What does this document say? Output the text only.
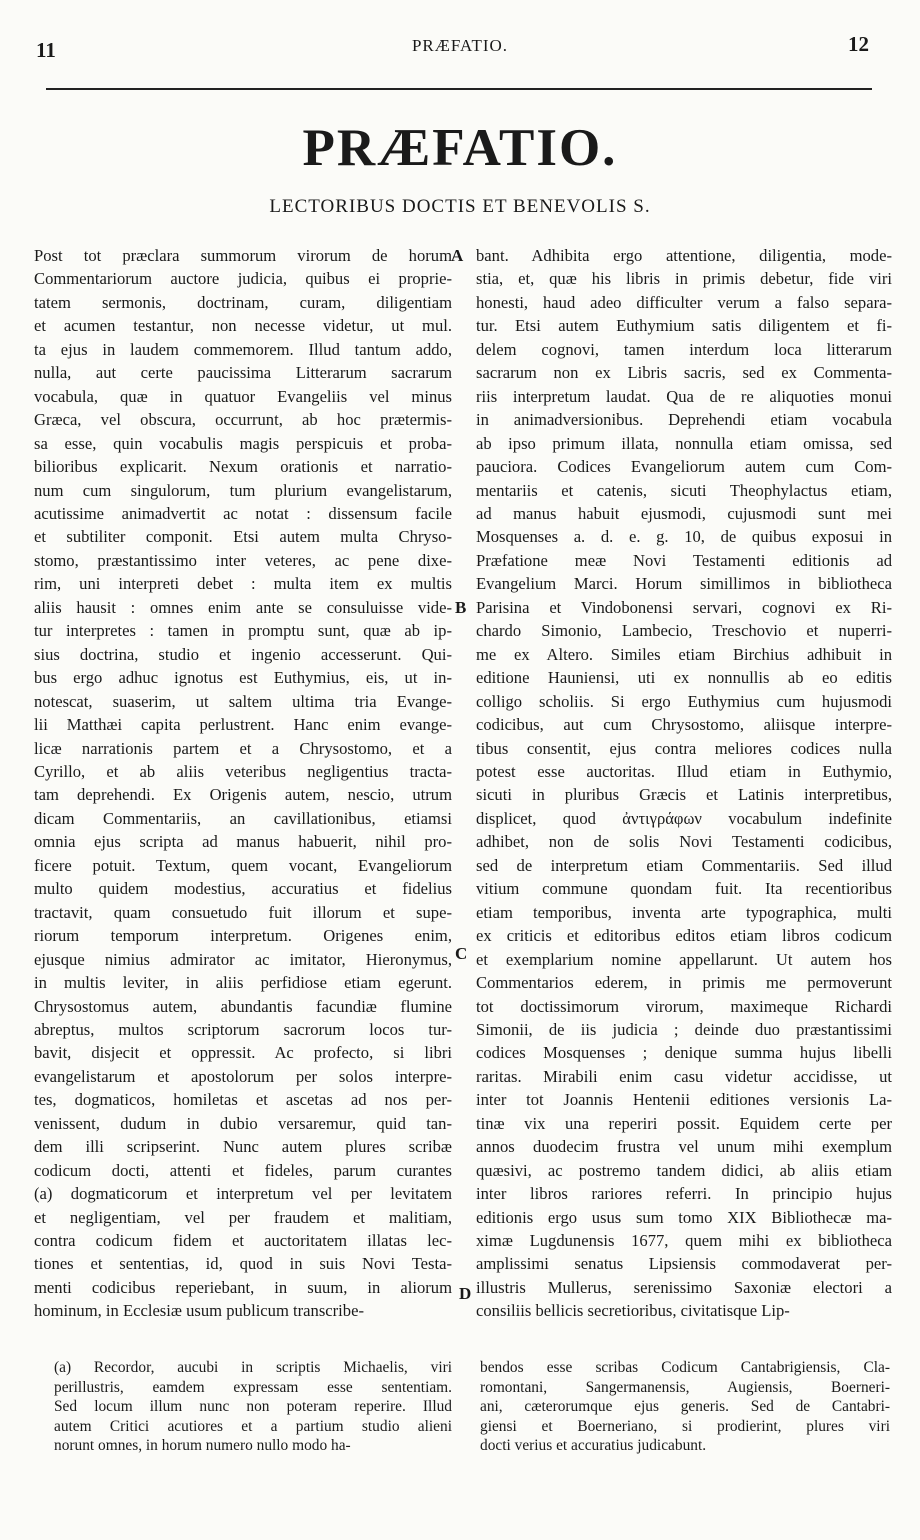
11	PRÆFATIO.	12
PRÆFATIO.
LECTORIBUS DOCTIS ET BENEVOLIS S.
Post tot præclara summorum virorum de horum
Commentariorum auctore judicia, quibus ei proprie-
tatem sermonis, doctrinam, curam, diligentiam
et acumen testantur, non necesse videtur, ut mul.
ta ejus in laudem commemorem. Illud tantum addo,
nulla, aut certe paucissima Litterarum sacrarum
vocabula, quæ in quatuor Evangeliis vel minus
Græca, vel obscura, occurrunt, ab hoc prætermis-
sa esse, quin vocabulis magis perspicuis et proba-
bilioribus explicarit. Nexum orationis et narratio-
num cum singulorum, tum plurium evangelistarum,
acutissime animadvertit ac notat : dissensum facile
et subtiliter componit. Etsi autem multa Chryso-
stomo, præstantissimo inter veteres, ac pene dixe-
rim, uni interpreti debet : multa item ex multis
aliis hausit : omnes enim ante se consuluisse vide-
tur interpretes : tamen in promptu sunt, quæ ab ip-
sius doctrina, studio et ingenio accesserunt. Qui-
bus ergo adhuc ignotus est Euthymius, eis, ut in-
notescat, suaserim, ut saltem ultima tria Evange-
lii Matthæi capita perlustrent. Hanc enim evange-
licæ narrationis partem et a Chrysostomo, et a
Cyrillo, et ab aliis veteribus negligentius tracta-
tam deprehendi. Ex Origenis autem, nescio, utrum
dicam Commentariis, an cavillationibus, etiamsi
omnia ejus scripta ad manus habuerit, nihil pro-
ficere potuit. Textum, quem vocant, Evangeliorum
multo quidem modestius, accuratius et fidelius
tractavit, quam consuetudo fuit illorum et supe-
riorum temporum interpretum. Origenes enim,
ejusque nimius admirator ac imitator, Hieronymus,
in multis leviter, in aliis perfidiose etiam egerunt.
Chrysostomus autem, abundantis facundiæ flumine
abreptus, multos scriptorum sacrorum locos tur-
bavit, disjecit et oppressit. Ac profecto, si libri
evangelistarum et apostolorum per solos interpre-
tes, dogmaticos, homiletas et ascetas ad nos per-
venissent, dudum in dubio versaremur, quid tan-
dem illi scripserint. Nunc autem plures scribæ
codicum docti, attenti et fideles, parum curantes
(a) dogmaticorum et interpretum vel per levitatem
et negligentiam, vel per fraudem et malitiam,
contra codicum fidem et auctoritatem illatas lec-
tiones et sententias, id, quod in suis Novi Testa-
menti codicibus reperiebant, in suum, in aliorum
hominum, in Ecclesiæ usum publicum transcribe-
bant. Adhibita ergo attentione, diligentia, mode-
stia, et, quæ his libris in primis debetur, fide viri
honesti, haud adeo difficulter verum a falso separa-
tur. Etsi autem Euthymium satis diligentem et fi-
delem cognovi, tamen interdum loca litterarum
sacrarum non ex Libris sacris, sed ex Commenta-
riis interpretum laudat. Qua de re aliquoties monui
in animadversionibus. Deprehendi etiam vocabula
ab ipso primum illata, nonnulla etiam omissa, sed
pauciora. Codices Evangeliorum autem cum Com-
mentariis et catenis, sicuti Theophylactus etiam,
ad manus habuit ejusmodi, cujusmodi sunt mei
Mosquenses a. d. e. g. 10, de quibus exposui in
Præfatione meæ Novi Testamenti editionis ad
Evangelium Marci. Horum simillimos in bibliotheca
Parisina et Vindobonensi servari, cognovi ex Ri-
chardo Simonio, Lambecio, Treschovio et nuperri-
me ex Altero. Similes etiam Birchius adhibuit in
editione Hauniensi, uti ex nonnullis ab eo editis
colligo scholiis. Si ergo Euthymius cum hujusmodi
codicibus, aut cum Chrysostomo, aliisque interpre-
tibus consentit, ejus contra meliores codices nulla
potest esse auctoritas. Illud etiam in Euthymio,
sicuti in pluribus Græcis et Latinis interpretibus,
displicet, quod ἀντιγράφων vocabulum indefinite
adhibet, non de solis Novi Testamenti codicibus,
sed de interpretum etiam Commentariis. Sed illud
vitium commune quondam fuit. Ita recentioribus
etiam temporibus, inventa arte typographica, multi
ex criticis et editoribus editos etiam libros codicum
et exemplarium nomine appellarunt. Ut autem hos
Commentarios ederem, in primis me permoverunt
tot doctissimorum virorum, maximeque Richardi
Simonii, de iis judicia ; deinde duo præstantissimi
codices Mosquenses ; denique summa hujus libelli
raritas. Mirabili enim casu videtur accidisse, ut
inter tot Joannis Hentenii editiones versionis La-
tinæ vix una reperiri possit. Equidem certe per
annos duodecim frustra vel unum mihi exemplum
quæsivi, ac postremo tandem didici, ab aliis etiam
inter libros rariores referri. In principio hujus
editionis ergo usus sum tomo XIX Bibliothecæ ma-
ximæ Lugdunensis 1677, quem mihi ex bibliotheca
amplissimi senatus Lipsiensis commodaverat per-
illustris Mullerus, serenissimo Saxoniæ electori a
consiliis bellicis secretioribus, civitatisque Lip-
A
B
C
D
(a) Recordor, aucubi in scriptis Michaelis, viri
perillustris, eamdem expressam esse sententiam.
Sed locum illum nunc non poteram reperire. Illud
autem Critici acutiores et a partium studio alieni
norunt omnes, in horum numero nullo modo ha-
bendos esse scribas Codicum Cantabrigiensis, Cla-
romontani, Sangermanensis, Augiensis, Boerneri-
ani, cæterorumque ejus generis. Sed de Cantabri-
giensi et Boerneriano, si prodierint, plures viri
docti verius et accuratius judicabunt.
